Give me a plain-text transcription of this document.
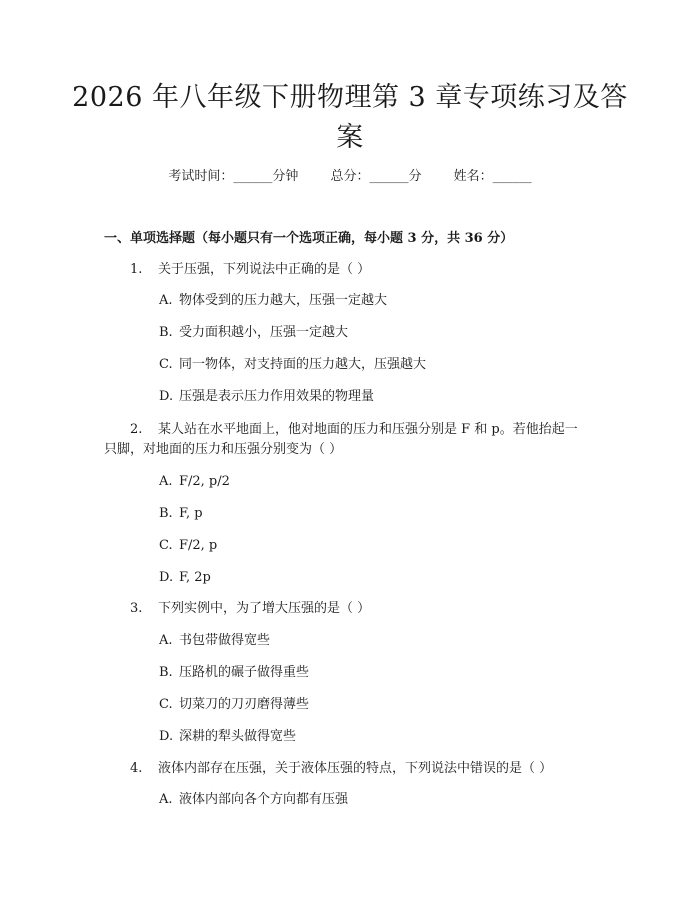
2026 年八年级下册物理第 3 章专项练习及答
案
考试时间：______分钟 总分：______分 姓名：______
一、单项选择题（每小题只有一个选项正确，每小题 3 分，共 36 分）
1. 关于压强，下列说法中正确的是（ ）
A. 物体受到的压力越大，压强一定越大
B. 受力面积越小，压强一定越大
C. 同一物体，对支持面的压力越大，压强越大
D. 压强是表示压力作用效果的物理量
2. 某人站在水平地面上，他对地面的压力和压强分别是 F 和 p。若他抬起一
只脚，对地面的压力和压强分别变为（ ）
A. F/2, p/2
B. F, p
C. F/2, p
D. F, 2p
3. 下列实例中，为了增大压强的是（ ）
A. 书包带做得宽些
B. 压路机的碾子做得重些
C. 切菜刀的刀刃磨得薄些
D. 深耕的犁头做得宽些
4. 液体内部存在压强，关于液体压强的特点，下列说法中错误的是（ ）
A. 液体内部向各个方向都有压强
